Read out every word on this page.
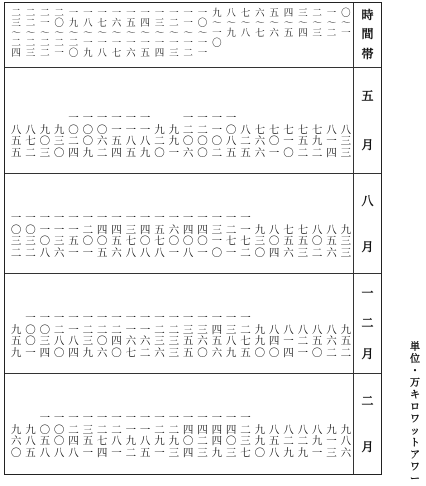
時
間
帯
〇
～
一
一
～
二
二
～
三
三
～
四
四
～
五
五
～
六
六
～
七
七
～
八
八
～
九
九
～
一
〇
一
〇
～
一
一
一
一
～
一
二
一
二
～
一
三
一
三
～
一
四
一
四
～
一
五
一
五
～
一
六
一
六
～
一
七
一
七
～
一
八
一
八
～
一
九
一
九
～
二
〇
二
〇
～
二
一
二
一
～
二
二
二
二
～
二
三
二
三
～
二
四
五
月
八
三
三
八
一
四
七
九
二
七
五
二
七
一
〇
七
〇
一
七
六
六
八
二
五
一
〇
八
五
一
一
〇
二
一
二
〇
〇
一
二
〇
六
九
九
一
九
二
〇
一
一
八
九
一
一
八
五
一
一
五
四
一
〇
六
二
一
〇
〇
九
一
〇
二
四
九
三
〇
九
〇
三
八
七
二
八
五
五
八
月
九
三
三
八
五
六
八
〇
二
七
五
三
七
五
六
八
〇
四
九
三
〇
一
一
七
二
一
二
七
一
一
三
一
〇
一
四
〇
一
一
四
〇
八
一
六
〇
一
一
五
七
八
一
四
〇
八
一
三
七
八
一
四
五
六
一
四
〇
五
一
二
〇
一
一
一
五
一
一
一
三
六
一
一
〇
八
一
〇
三
二
一
〇
三
二
一
二
月
九
五
二
八
六
二
八
五
〇
八
二
一
八
一
四
八
四
〇
九
九
〇
一
二
七
五
一
三
八
九
一
四
五
六
一
三
六
〇
一
三
五
五
一
二
三
三
一
二
三
六
一
一
六
二
一
一
六
七
一
二
四
〇
一
二
〇
六
一
二
三
九
一
一
八
四
一
二
八
〇
一
〇
三
四
一
〇
〇
一
九
五
九
二
月
九
八
六
九
一
三
八
九
一
八
二
九
八
二
九
八
五
八
九
九
〇
一
二
三
七
一
四
〇
三
一
四
四
九
一
四
二
三
一
四
〇
四
一
二
九
三
一
二
九
一
一
一
八
五
一
一
九
二
一
二
八
一
一
二
七
四
一
三
五
一
一
二
四
八
一
〇
〇
八
一
〇
五
八
九
八
五
九
六
〇
単
位
・
万
キ
ロ
ワ
ッ
ト
ア
ワ
ー
